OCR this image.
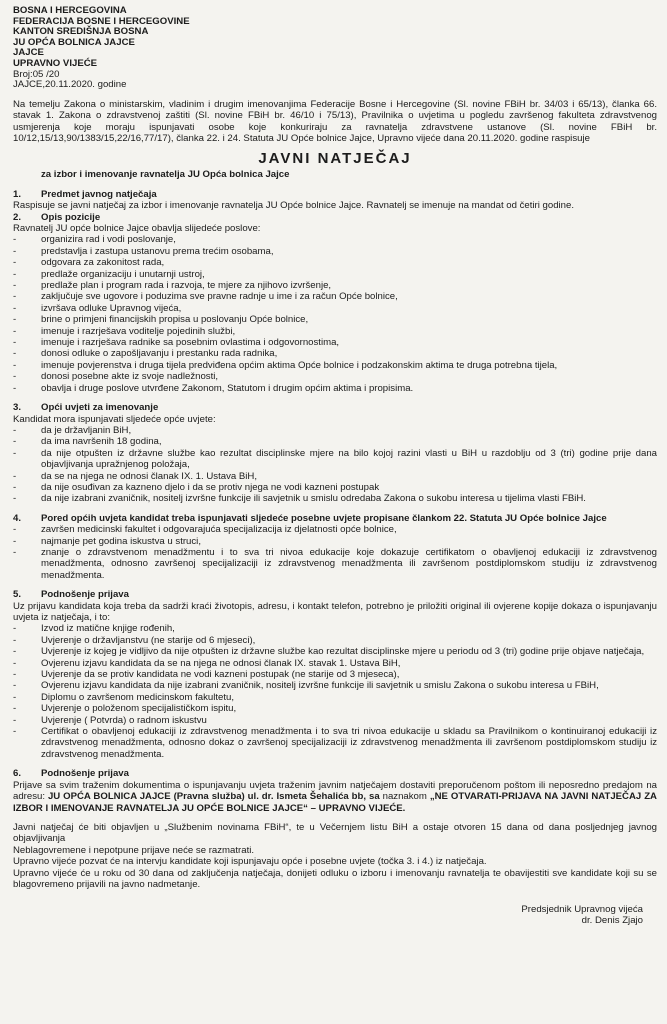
BOSNA I HERCEGOVINA
FEDERACIJA BOSNE I HERCEGOVINE
KANTON SREDIŠNJA BOSNA
JU OPĆA BOLNICA JAJCE
JAJCE
UPRAVNO VIJEĆE
Broj:05 /20
JAJCE,20.11.2020. godine

Na temelju Zakona o ministarskim, vladinim i drugim imenovanjima Federacije Bosne i Hercegovine (Sl. novine FBiH br. 34/03 i 65/13), članka 66. stavak 1. Zakona o zdravstvenoj zaštiti (Sl. novine FBiH br. 46/10 i 75/13), Pravilnika o uvjetima u pogledu završenog fakulteta zdravstvenog usmjerenja koje moraju ispunjavati osobe koje konkuriraju za ravnatelja zdravstvene ustanove (Sl. novine FBiH br. 10/12,15/13,90/1383/15,22/16,77/17), članka 22. i 24. Statuta JU Opće bolnice Jajce, Upravno vijeće dana 20.11.2020. godine raspisuje

JAVNI NATJEČAJ
za izbor i imenovanje ravnatelja JU Opća bolnica Jajce
1.	Predmet javnog natječaja

Raspisuje se javni natječaj za izbor i imenovanje ravnatelja JU Opće bolnice Jajce. Ravnatelj se imenuje na mandat od četiri godine.

2.	Opis pozicije

Ravnatelj JU opće bolnice Jajce obavlja slijedeće poslove:

-	organizira rad i vodi poslovanje,
-	predstavlja i zastupa ustanovu prema trećim osobama,
-	odgovara za zakonitost rada,
-	predlaže organizaciju i unutarnji ustroj,
-	predlaže plan i program rada i razvoja, te mjere za njihovo izvršenje,
-	zaključuje sve ugovore i poduzima sve pravne radnje u ime i za račun Opće bolnice,
-	izvršava odluke Upravnog vijeća,
-	brine o primjeni financijskih propisa u poslovanju Opće bolnice,
-	imenuje i razrješava voditelje pojedinih službi,
-	imenuje i razrješava radnike sa posebnim ovlastima i odgovornostima,
-	donosi odluke o zapošljavanju i prestanku rada radnika,
-	imenuje povjerenstva i druga tijela predviđena općim aktima Opće bolnice i podzakonskim aktima te druga potrebna tijela,
-	donosi posebne akte iz svoje nadležnosti,
-	obavlja i druge poslove utvrđene Zakonom, Statutom i drugim općim aktima i propisima.
3.	Opći uvjeti za imenovanje

Kandidat mora ispunjavati sljedeće opće uvjete:

-	da je državljanin BiH,
-	da ima navršenih 18 godina,
-	da nije otpušten iz državne službe kao rezultat disciplinske mjere na bilo kojoj razini vlasti u BiH u razdoblju od 3 (tri) godine prije dana objavljivanja upražnjenog položaja,
-	da se na njega ne odnosi članak IX. 1. Ustava BiH,
-	da nije osuđivan za kazneno djelo i da se protiv njega ne vodi kazneni postupak
-	da nije izabrani zvaničnik, nositelj izvršne funkcije ili savjetnik u smislu odredaba Zakona o sukobu interesa u tijelima vlasti FBiH.
4.	Pored općih uvjeta kandidat treba ispunjavati sljedeće posebne uvjete propisane člankom 22. Statuta JU Opće bolnice Jajce
-	završen medicinski fakultet i odgovarajuća specijalizacija iz djelatnosti opće bolnice,
-	najmanje pet godina iskustva u struci,
-	znanje o zdravstvenom menadžmentu i to sva tri nivoa edukacije koje dokazuje certifikatom o obavljenoj edukaciji iz zdravstvenog menadžmenta, odnosno završenoj specijalizaciji iz zdravstvenog menadžmenta ili završenom postdiplomskom studiju iz zdravstvenog menadžmenta.
5.	Podnošenje prijava

Uz prijavu kandidata koja treba da sadrži kraći životopis, adresu, i kontakt telefon, potrebno je priložiti original ili ovjerene kopije dokaza o ispunjavanju uvjeta iz natječaja, i to:

-	Izvod iz matične knjige rođenih,
-	Uvjerenje o državljanstvu (ne starije od 6 mjeseci),
-	Uvjerenje iz kojeg je vidljivo da nije otpušten iz državne službe kao rezultat disciplinske mjere u periodu od 3 (tri) godine prije objave natječaja,
-	Ovjerenu izjavu kandidata da se na njega ne odnosi članak IX. stavak 1. Ustava BiH,
-	Uvjerenje da se protiv kandidata ne vodi kazneni postupak (ne starije od 3 mjeseca),
-	Ovjerenu izjavu kandidata da nije izabrani zvaničnik, nositelj izvršne funkcije ili savjetnik u smislu Zakona o sukobu interesa u FBiH,
-	Diplomu o završenom medicinskom fakultetu,
-	Uvjerenje o položenom specijalističkom ispitu,
-	Uvjerenje ( Potvrda) o radnom iskustvu
-	Certifikat o obavljenoj edukaciji iz zdravstvenog menadžmenta i to sva tri nivoa edukacije u skladu sa Pravilnikom o kontinuiranoj edukaciji iz zdravstvenog menadžmenta, odnosno dokaz o završenoj specijalizaciji iz zdravstvenog menadžmenta ili završenom postdiplomskom studiju iz zdravstvenog menadžmenta.
6.	Podnošenje prijava

Prijave sa svim traženim dokumentima o ispunjavanju uvjeta traženim javnim natječajem dostaviti preporučenom poštom ili neposredno predajom na adresu: JU OPĆA BOLNICA JAJCE (Pravna služba) ul. dr. Ismeta Šehalića bb, sa naznakom „NE OTVARATI-PRIJAVA NA JAVNI NATJEČAJ ZA IZBOR I IMENOVANJE RAVNATELJA JU OPĆE BOLNICE JAJCE“ – UPRAVNO VIJEĆE.

Javni natječaj će biti objavljen u „Službenim novinama FBiH“, te u Večernjem listu BiH a ostaje otvoren 15 dana od dana posljednjeg javnog objavljivanja

Neblagovremene i nepotpune prijave neće se razmatrati.

Upravno vijeće pozvat će na intervju kandidate koji ispunjavaju opće i posebne uvjete (točka 3. i 4.) iz natječaja.

Upravno vijeće će u roku od 30 dana od zaključenja natječaja, donijeti odluku o izboru i imenovanju ravnatelja te obavijestiti sve kandidate koji su se blagovremeno prijavili na javno nadmetanje.

Predsjednik Upravnog vijeća
dr. Denis Zjajo
